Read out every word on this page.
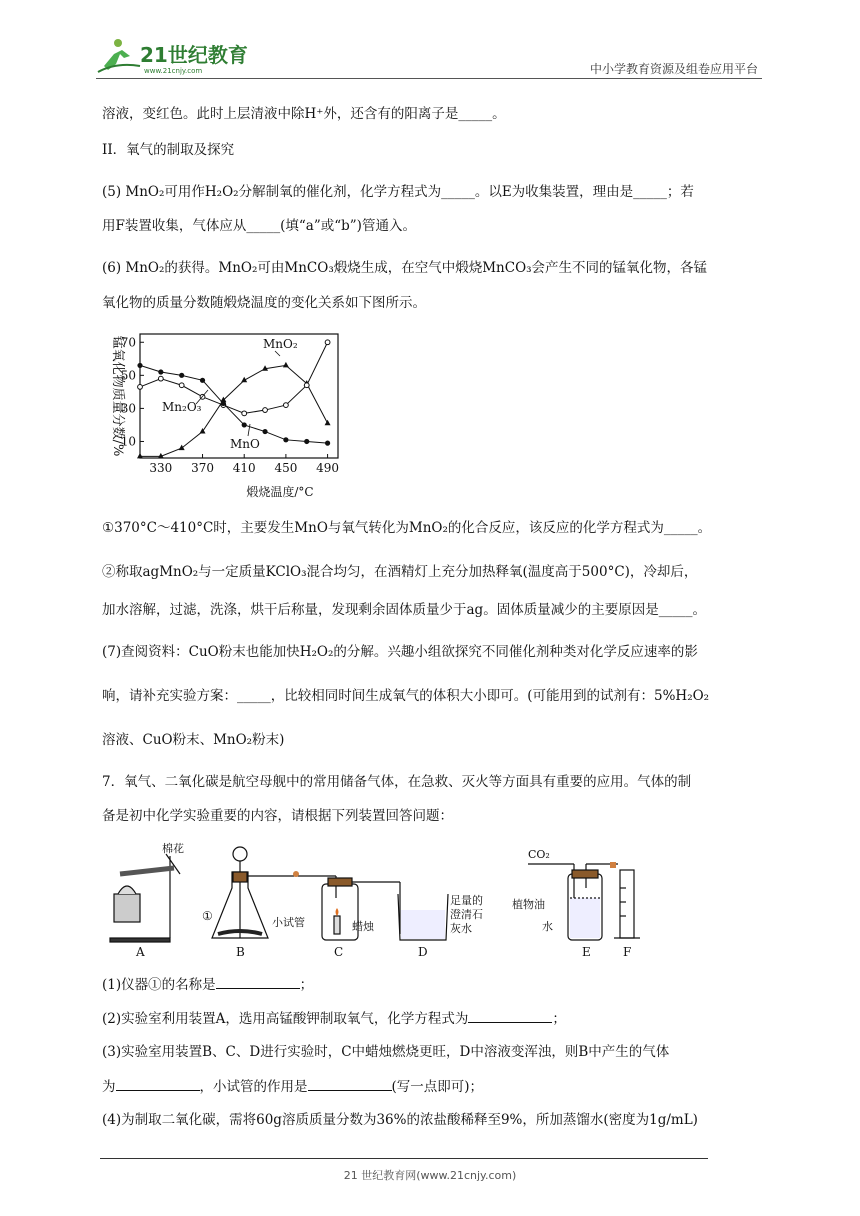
21世纪教育
www.21cnjy.com	中小学教育资源及组卷应用平台
溶液，变红色。此时上层清液中除H⁺外，还含有的阳离子是_____。
II．氧气的制取及探究
(5) MnO₂可用作H₂O₂分解制氧的催化剂，化学方程式为_____。以E为收集装置，理由是_____；若
用F装置收集，气体应从_____(填“a”或“b”)管通入。
(6) MnO₂的获得。MnO₂可由MnCO₃煅烧生成，在空气中煅烧MnCO₃会产生不同的锰氧化物，各锰
氧化物的质量分数随煅烧温度的变化关系如下图所示。
锰氧化物质量分数/%
煅烧温度/°C
330 370 410 450 490
10
30
50
70	MnO₂
Mn₂O₃
MnO
①370°C～410°C时，主要发生MnO与氧气转化为MnO₂的化合反应，该反应的化学方程式为_____。
②称取agMnO₂与一定质量KClO₃混合均匀，在酒精灯上充分加热释氧(温度高于500°C)，冷却后，
加水溶解，过滤，洗涤，烘干后称量，发现剩余固体质量少于ag。固体质量减少的主要原因是_____。
(7)查阅资料：CuO粉末也能加快H₂O₂的分解。兴趣小组欲探究不同催化剂种类对化学反应速率的影
响，请补充实验方案：_____，比较相同时间生成氧气的体积大小即可。(可能用到的试剂有：5%H₂O₂
溶液、CuO粉末、MnO₂粉末)
7．氧气、二氧化碳是航空母舰中的常用储备气体，在急救、灭火等方面具有重要的应用。气体的制
备是初中化学实验重要的内容，请根据下列装置回答问题：
棉花
A
①	小试管
B
蜡烛
C
足量的
澄清石
灰水
D
CO₂
植物油
水
E	F
(1)仪器①的名称是	；
(2)实验室利用装置A，选用高锰酸钾制取氧气，化学方程式为	；
(3)实验室用装置B、C、D进行实验时，C中蜡烛燃烧更旺，D中溶液变浑浊，则B中产生的气体
为	，小试管的作用是	(写一点即可)；
(4)为制取二氧化碳，需将60g溶质质量分数为36%的浓盐酸稀释至9%，所加蒸馏水(密度为1g/mL)
21 世纪教育网(www.21cnjy.com)
